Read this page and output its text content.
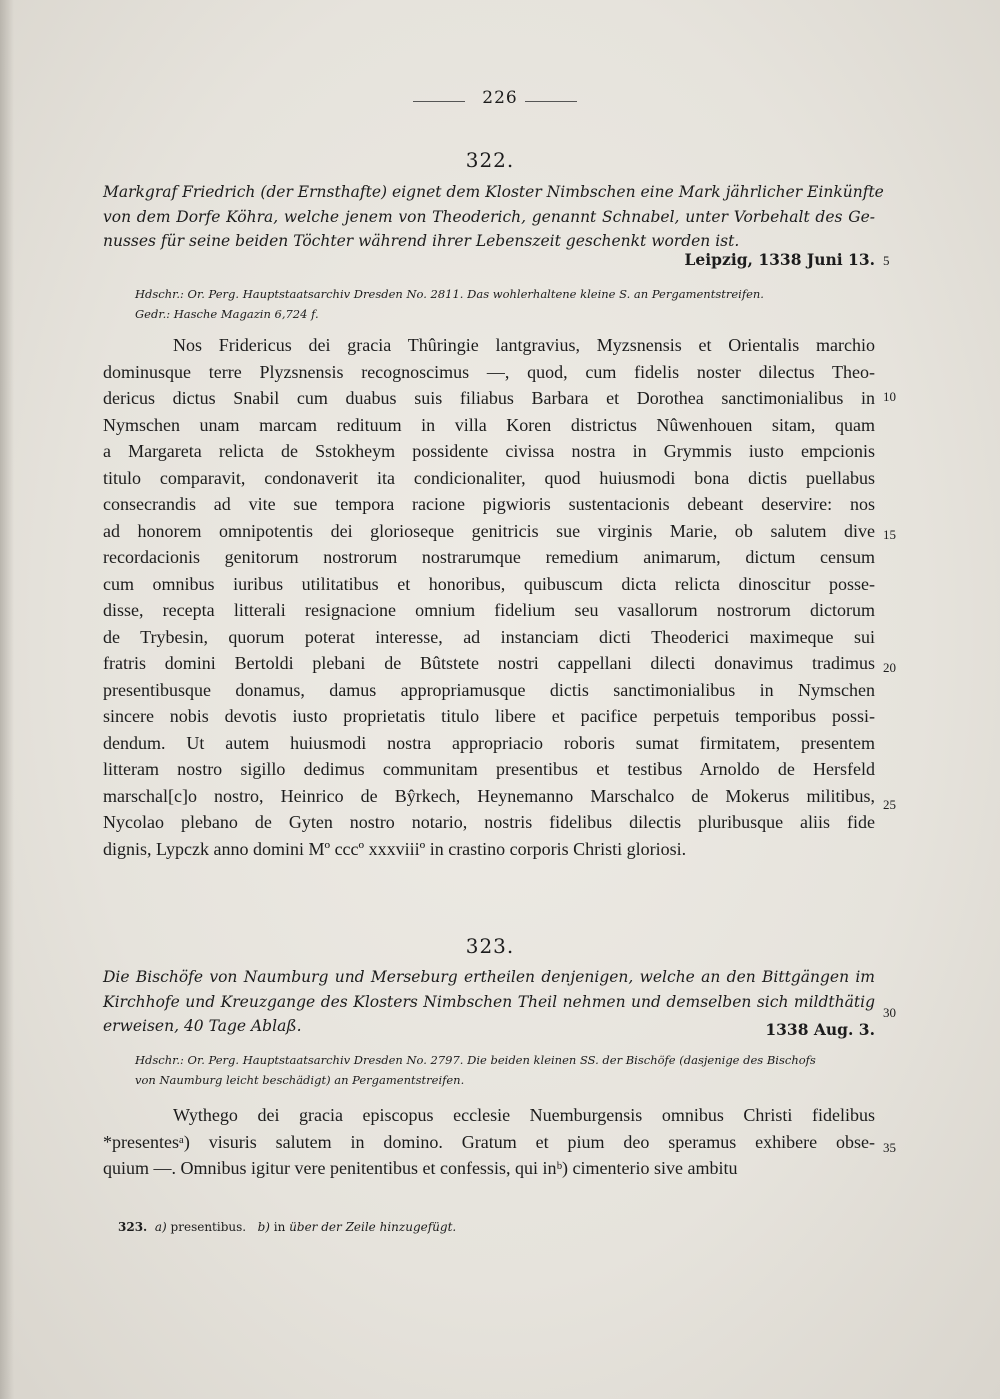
226
322.
Markgraf Friedrich (der Ernsthafte) eignet dem Kloster Nimbschen eine Mark jährlicher Einkünfte
von dem Dorfe Köhra, welche jenem von Theoderich, genannt Schnabel, unter Vorbehalt des Ge-
nusses für seine beiden Töchter während ihrer Lebenszeit geschenkt worden ist.
Leipzig, 1338 Juni 13. 5
Hdschr.: Or. Perg. Hauptstaatsarchiv Dresden No. 2811. Das wohlerhaltene kleine S. an Pergamentstreifen.
Gedr.: Hasche Magazin 6,724 f.
Nos Fridericus dei gracia Thûringie lantgravius, Myzsnensis et Orientalis marchio
dominusque terre Plyzsnensis recognoscimus —, quod, cum fidelis noster dilectus Theo-
dericus dictus Snabil cum duabus suis filiabus Barbara et Dorothea sanctimonialibus in
Nymschen unam marcam redituum in villa Koren districtus Nûwenhouen sitam, quam
a Margareta relicta de Sstokheym possidente civissa nostra in Grymmis iusto empcionis
titulo comparavit, condonaverit ita condicionaliter, quod huiusmodi bona dictis puellabus
consecrandis ad vite sue tempora racione pigwioris sustentacionis debeant deservire: nos
ad honorem omnipotentis dei glorioseque genitricis sue virginis Marie, ob salutem dive
recordacionis genitorum nostrorum nostrarumque remedium animarum, dictum censum
cum omnibus iuribus utilitatibus et honoribus, quibuscum dicta relicta dinoscitur posse-
disse, recepta litterali resignacione omnium fidelium seu vasallorum nostrorum dictorum
de Trybesin, quorum poterat interesse, ad instanciam dicti Theoderici maximeque sui
fratris domini Bertoldi plebani de Bûtstete nostri cappellani dilecti donavimus tradimus
presentibusque donamus, damus appropriamusque dictis sanctimonialibus in Nymschen
sincere nobis devotis iusto proprietatis titulo libere et pacifice perpetuis temporibus possi-
dendum. Ut autem huiusmodi nostra appropriacio roboris sumat firmitatem, presentem
litteram nostro sigillo dedimus communitam presentibus et testibus Arnoldo de Hersfeld
marschal[c]o nostro, Heinrico de Bŷrkech, Heynemanno Marschalco de Mokerus militibus,
Nycolao plebano de Gyten nostro notario, nostris fidelibus dilectis pluribusque aliis fide
dignis, Lypczk anno domini Mº cccº xxxviiiº in crastino corporis Christi gloriosi.
10
15
20
25
323.
Die Bischöfe von Naumburg und Merseburg ertheilen denjenigen, welche an den Bittgängen im
Kirchhofe und Kreuzgange des Klosters Nimbschen Theil nehmen und demselben sich mildthätig
erweisen, 40 Tage Ablaß.	1338 Aug. 3.
30
Hdschr.: Or. Perg. Hauptstaatsarchiv Dresden No. 2797. Die beiden kleinen SS. der Bischöfe (dasjenige des Bischofs
von Naumburg leicht beschädigt) an Pergamentstreifen.
Wythego dei gracia episcopus ecclesie Nuemburgensis omnibus Christi fidelibus
*presentesᵃ) visuris salutem in domino. Gratum et pium deo speramus exhibere obse-
quium —. Omnibus igitur vere penitentibus et confessis, qui inᵇ) cimenterio sive ambitu
35
323. a) presentibus. b) in über der Zeile hinzugefügt.
